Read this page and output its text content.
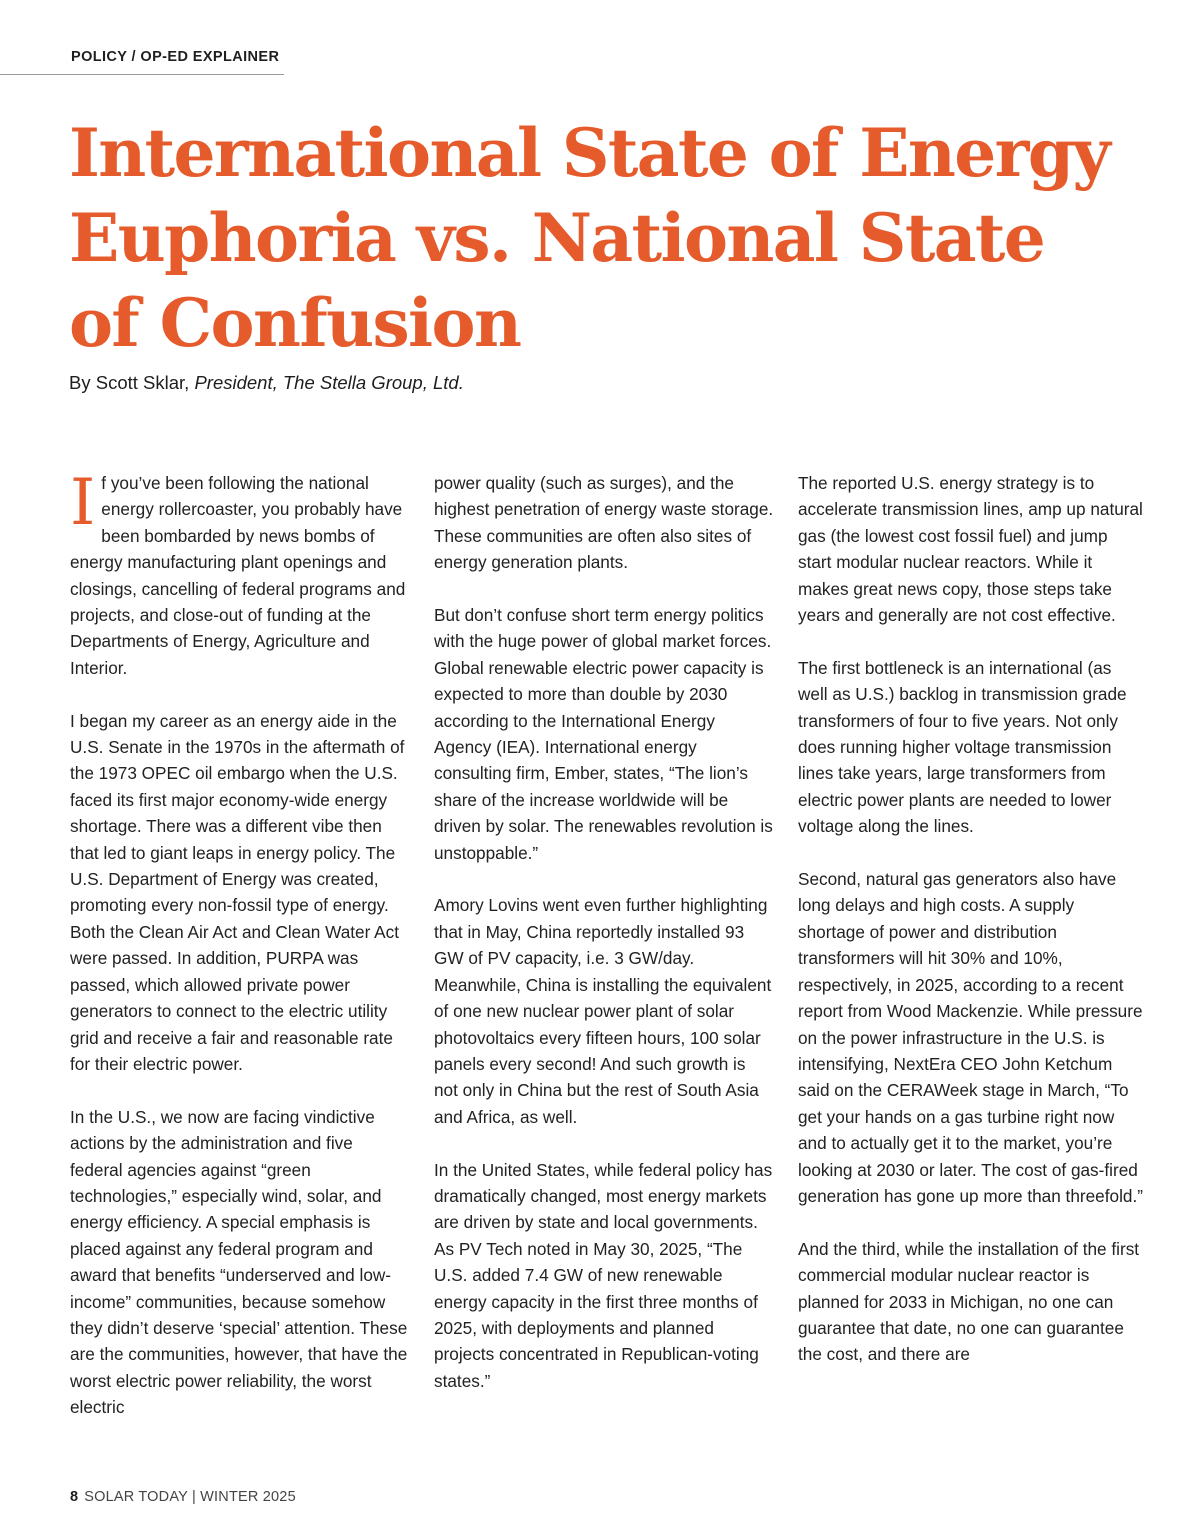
POLICY / OP-ED EXPLAINER
International State of Energy
Euphoria vs. National State
of Confusion
By Scott Sklar, President, The Stella Group, Ltd.

If you’ve been following the national energy rollercoaster, you probably have been bombarded by news bombs of energy manufacturing plant openings and closings, cancelling of federal programs and projects, and close-out of funding at the Departments of Energy, Agriculture and Interior.

I began my career as an energy aide in the U.S. Senate in the 1970s in the aftermath of the 1973 OPEC oil embargo when the U.S. faced its first major economy-wide energy shortage. There was a different vibe then that led to giant leaps in energy policy. The U.S. Department of Energy was created, promoting every non-fossil type of energy. Both the Clean Air Act and Clean Water Act were passed. In addition, PURPA was passed, which allowed private power generators to connect to the electric utility grid and receive a fair and reasonable rate for their electric power.

In the U.S., we now are facing vindictive actions by the administration and five federal agencies against “green technologies,” especially wind, solar, and energy efficiency. A special emphasis is placed against any federal program and award that benefits “underserved and low-income” communities, because somehow they didn’t deserve ‘special’ attention. These are the communities, however, that have the worst electric power reliability, the worst electric

power quality (such as surges), and the highest penetration of energy waste storage. These communities are often also sites of energy generation plants.

But don’t confuse short term energy politics with the huge power of global market forces. Global renewable electric power capacity is expected to more than double by 2030 according to the International Energy Agency (IEA). International energy consulting firm, Ember, states, “The lion’s share of the increase worldwide will be driven by solar. The renewables revolution is unstoppable.”

Amory Lovins went even further highlighting that in May, China reportedly installed 93 GW of PV capacity, i.e. 3 GW/day. Meanwhile, China is installing the equivalent of one new nuclear power plant of solar photovoltaics every fifteen hours, 100 solar panels every second! And such growth is not only in China but the rest of South Asia and Africa, as well.

In the United States, while federal policy has dramatically changed, most energy markets are driven by state and local governments. As PV Tech noted in May 30, 2025, “The U.S. added 7.4 GW of new renewable energy capacity in the first three months of 2025, with deployments and planned projects concentrated in Republican-voting states.”

The reported U.S. energy strategy is to accelerate transmission lines, amp up natural gas (the lowest cost fossil fuel) and jump start modular nuclear reactors. While it makes great news copy, those steps take years and generally are not cost effective.

The first bottleneck is an international (as well as U.S.) backlog in transmission grade transformers of four to five years. Not only does running higher voltage transmission lines take years, large transformers from electric power plants are needed to lower voltage along the lines.

Second, natural gas generators also have long delays and high costs. A supply shortage of power and distribution transformers will hit 30% and 10%, respectively, in 2025, according to a recent report from Wood Mackenzie. While pressure on the power infrastructure in the U.S. is intensifying, NextEra CEO John Ketchum said on the CERAWeek stage in March, “To get your hands on a gas turbine right now and to actually get it to the market, you’re looking at 2030 or later. The cost of gas-fired generation has gone up more than threefold.”

And the third, while the installation of the first commercial modular nuclear reactor is planned for 2033 in Michigan, no one can guarantee that date, no one can guarantee the cost, and there are

8 SOLAR TODAY | WINTER 2025
